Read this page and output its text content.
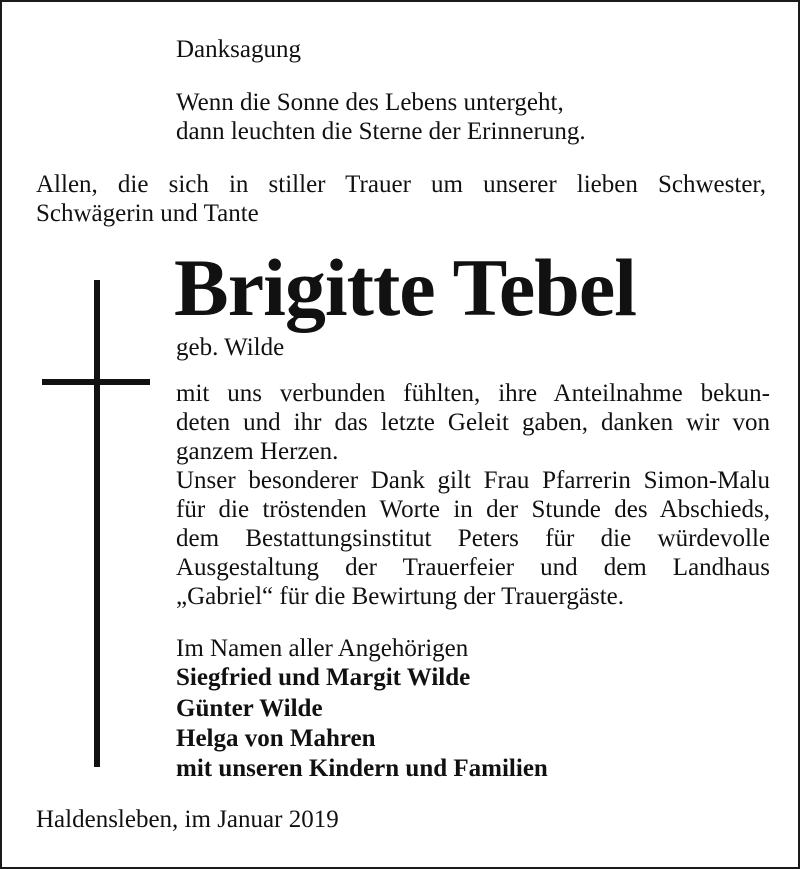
Danksagung

Wenn die Sonne des Lebens untergeht,

dann leuchten die Sterne der Erinnerung.

Allen, die sich in stiller Trauer um unserer lieben Schwester,

Schwägerin und Tante

Brigitte Tebel

geb. Wilde

mit uns verbunden fühlten, ihre Anteilnahme bekun-

deten und ihr das letzte Geleit gaben, danken wir von

ganzem Herzen.

Unser besonderer Dank gilt Frau Pfarrerin Simon-Malu

für die tröstenden Worte in der Stunde des Abschieds,

dem Bestattungsinstitut Peters für die würdevolle

Ausgestaltung der Trauerfeier und dem Landhaus

„Gabriel“ für die Bewirtung der Trauergäste.

Im Namen aller Angehörigen

Siegfried und Margit Wilde

Günter Wilde

Helga von Mahren

mit unseren Kindern und Familien

Haldensleben, im Januar 2019
